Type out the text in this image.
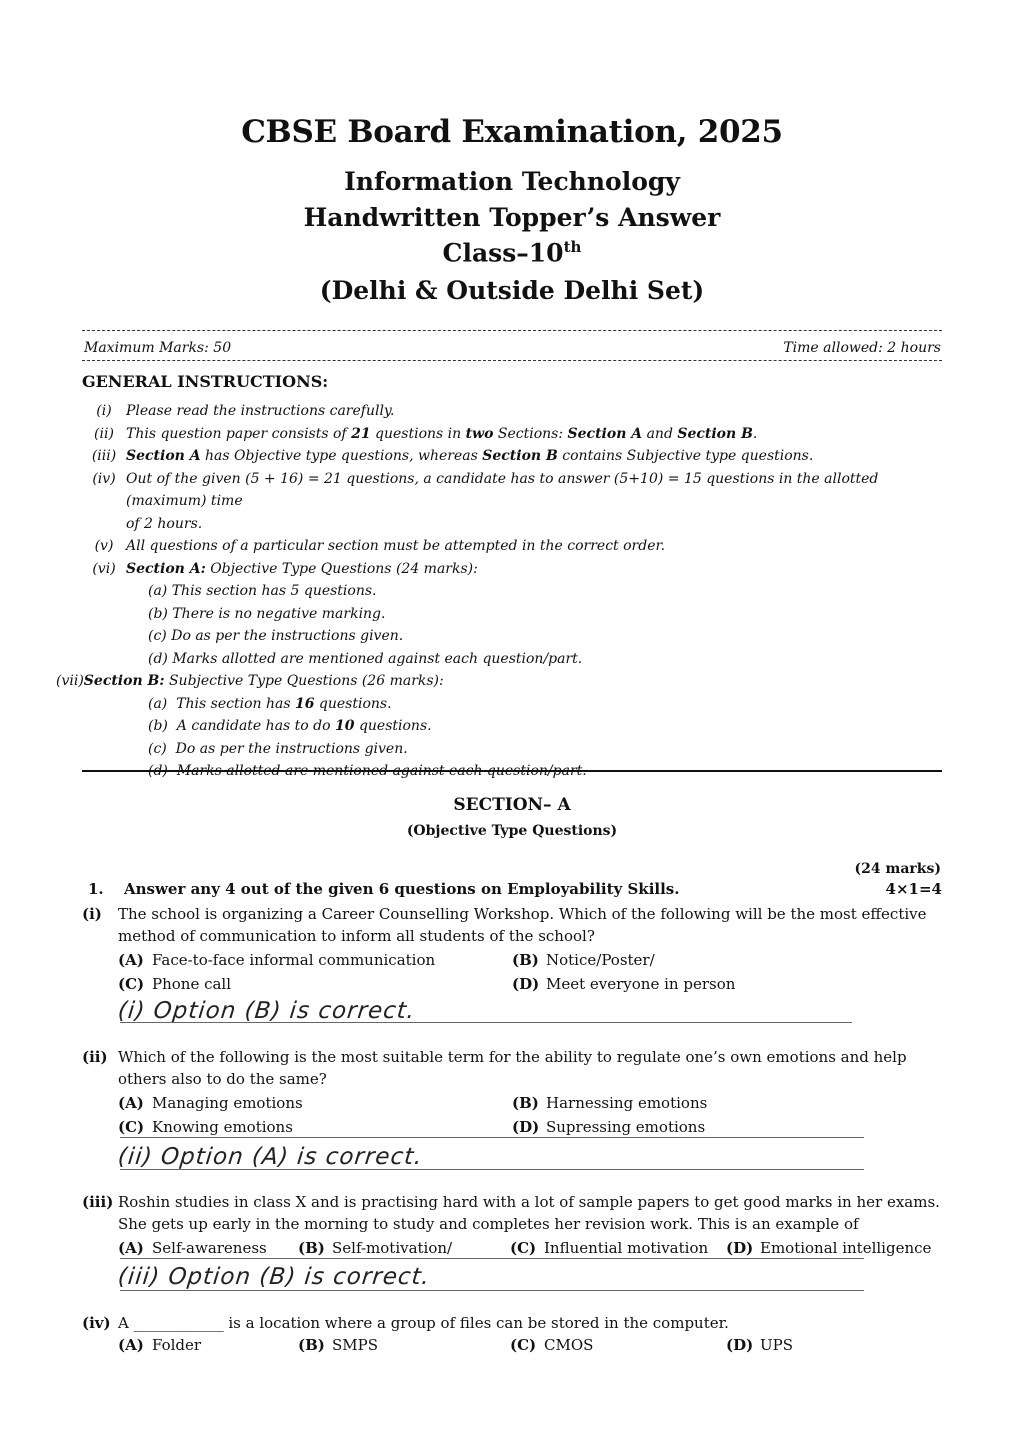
CBSE Board Examination, 2025
Information Technology
Handwritten Topper’s Answer
Class–10th
(Delhi & Outside Delhi Set)
Maximum Marks: 50	Time allowed: 2 hours
GENERAL INSTRUCTIONS:
(i)	Please read the instructions carefully.
(ii) This question paper consists of 21 questions in two Sections: Section A and Section B.
(iii) Section A has Objective type questions, whereas Section B contains Subjective type questions.
(iv) Out of the given (5 + 16) = 21 questions, a candidate has to answer (5+10) = 15 questions in the allotted (maximum) time
of 2 hours.
(v) All questions of a particular section must be attempted in the correct order.
(vi) Section A: Objective Type Questions (24 marks):
(a) This section has 5 questions.
(b) There is no negative marking.
(c) Do as per the instructions given.
(d) Marks allotted are mentioned against each question/part.
(vii) Section B: Subjective Type Questions (26 marks):
(a) This section has 16 questions.
(b) A candidate has to do 10 questions.
(c) Do as per the instructions given.
(d) Marks allotted are mentioned against each question/part.
SECTION– A
(Objective Type Questions)
(24 marks)
1.	Answer any 4 out of the given 6 questions on Employability Skills.	4×1=4
(i)	The school is organizing a Career Counselling Workshop. Which of the following will be the most effective method of communication to inform all students of the school?
(A) Face-to-face informal communication	(B) Notice/Poster/
(C) Phone call	(D) Meet everyone in person
(i) Option (B) is correct.
(ii) Which of the following is the most suitable term for the ability to regulate one’s own emotions and help others also to do the same?
(A) Managing emotions	(B) Harnessing emotions
(C) Knowing emotions	(D) Supressing emotions
(ii) Option (A) is correct.
(iii) Roshin studies in class X and is practising hard with a lot of sample papers to get good marks in her exams. She gets up early in the morning to study and completes her revision work. This is an example of
(A) Self-awareness (B) Self-motivation/	(C) Influential motivation (D) Emotional intelligence
(iii) Option (B) is correct.
(iv) A ____________ is a location where a group of files can be stored in the computer.
(A) Folder	(B) SMPS	(C) CMOS	(D) UPS
